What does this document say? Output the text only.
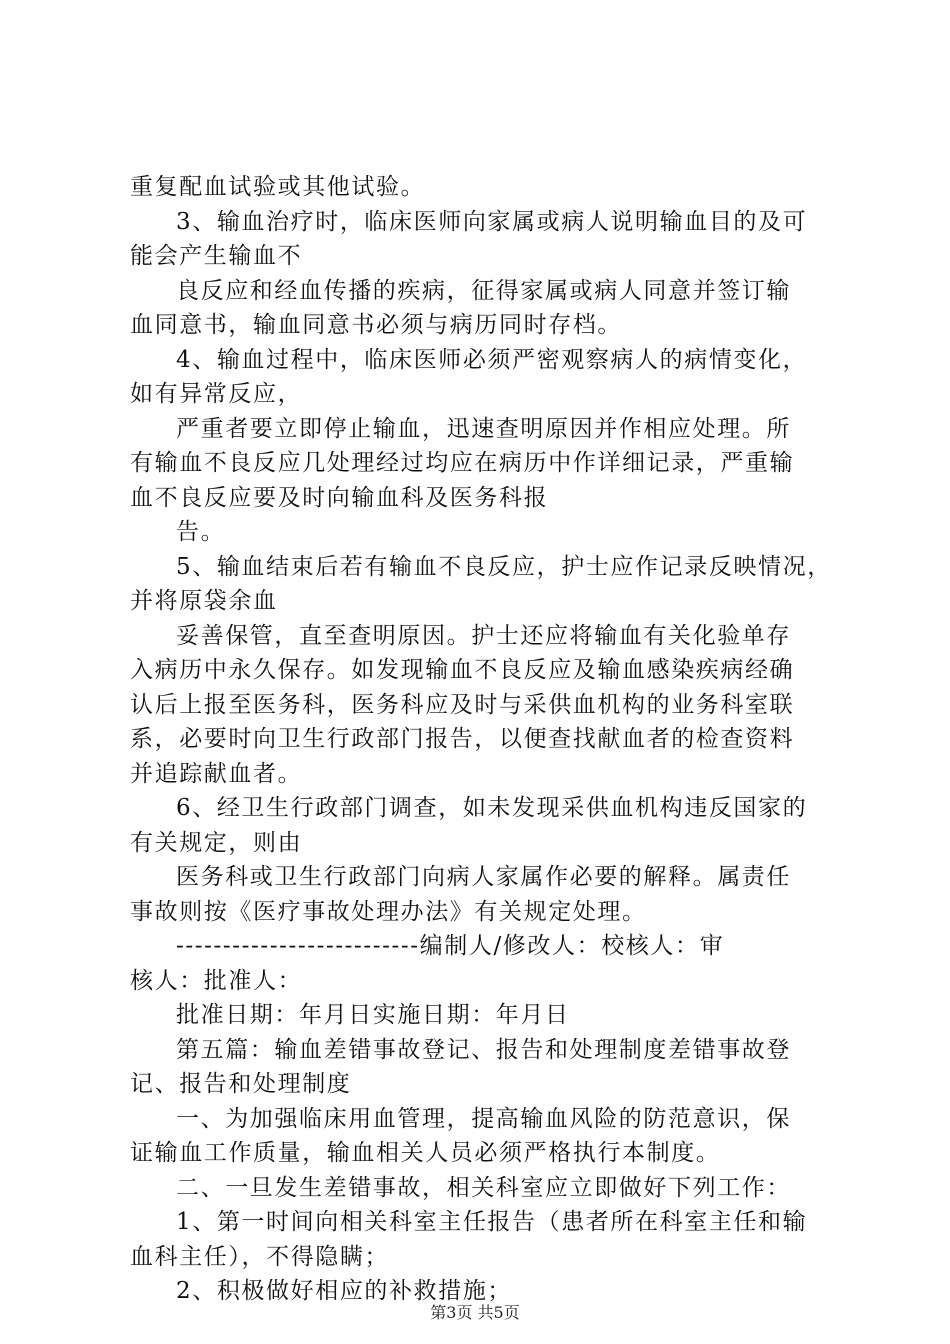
重复配血试验或其他试验。
3、输血治疗时，临床医师向家属或病人说明输血目的及可
能会产生输血不
良反应和经血传播的疾病，征得家属或病人同意并签订输
血同意书，输血同意书必须与病历同时存档。
4、输血过程中，临床医师必须严密观察病人的病情变化，
如有异常反应，
严重者要立即停止输血，迅速查明原因并作相应处理。所
有输血不良反应几处理经过均应在病历中作详细记录，严重输
血不良反应要及时向输血科及医务科报
告。
5、输血结束后若有输血不良反应，护士应作记录反映情况，
并将原袋余血
妥善保管，直至查明原因。护士还应将输血有关化验单存
入病历中永久保存。如发现输血不良反应及输血感染疾病经确
认后上报至医务科，医务科应及时与采供血机构的业务科室联
系，必要时向卫生行政部门报告，以便查找献血者的检查资料
并追踪献血者。
6、经卫生行政部门调查，如未发现采供血机构违反国家的
有关规定，则由
医务科或卫生行政部门向病人家属作必要的解释。属责任
事故则按《医疗事故处理办法》有关规定处理。
--------------------------编制人/修改人：校核人：审
核人：批准人：
批准日期：年月日实施日期：年月日
第五篇：输血差错事故登记、报告和处理制度差错事故登
记、报告和处理制度
一、为加强临床用血管理，提高输血风险的防范意识，保
证输血工作质量，输血相关人员必须严格执行本制度。
二、一旦发生差错事故，相关科室应立即做好下列工作：
1、第一时间向相关科室主任报告（患者所在科室主任和输
血科主任），不得隐瞒；
2、积极做好相应的补救措施；
第3页 共5页
